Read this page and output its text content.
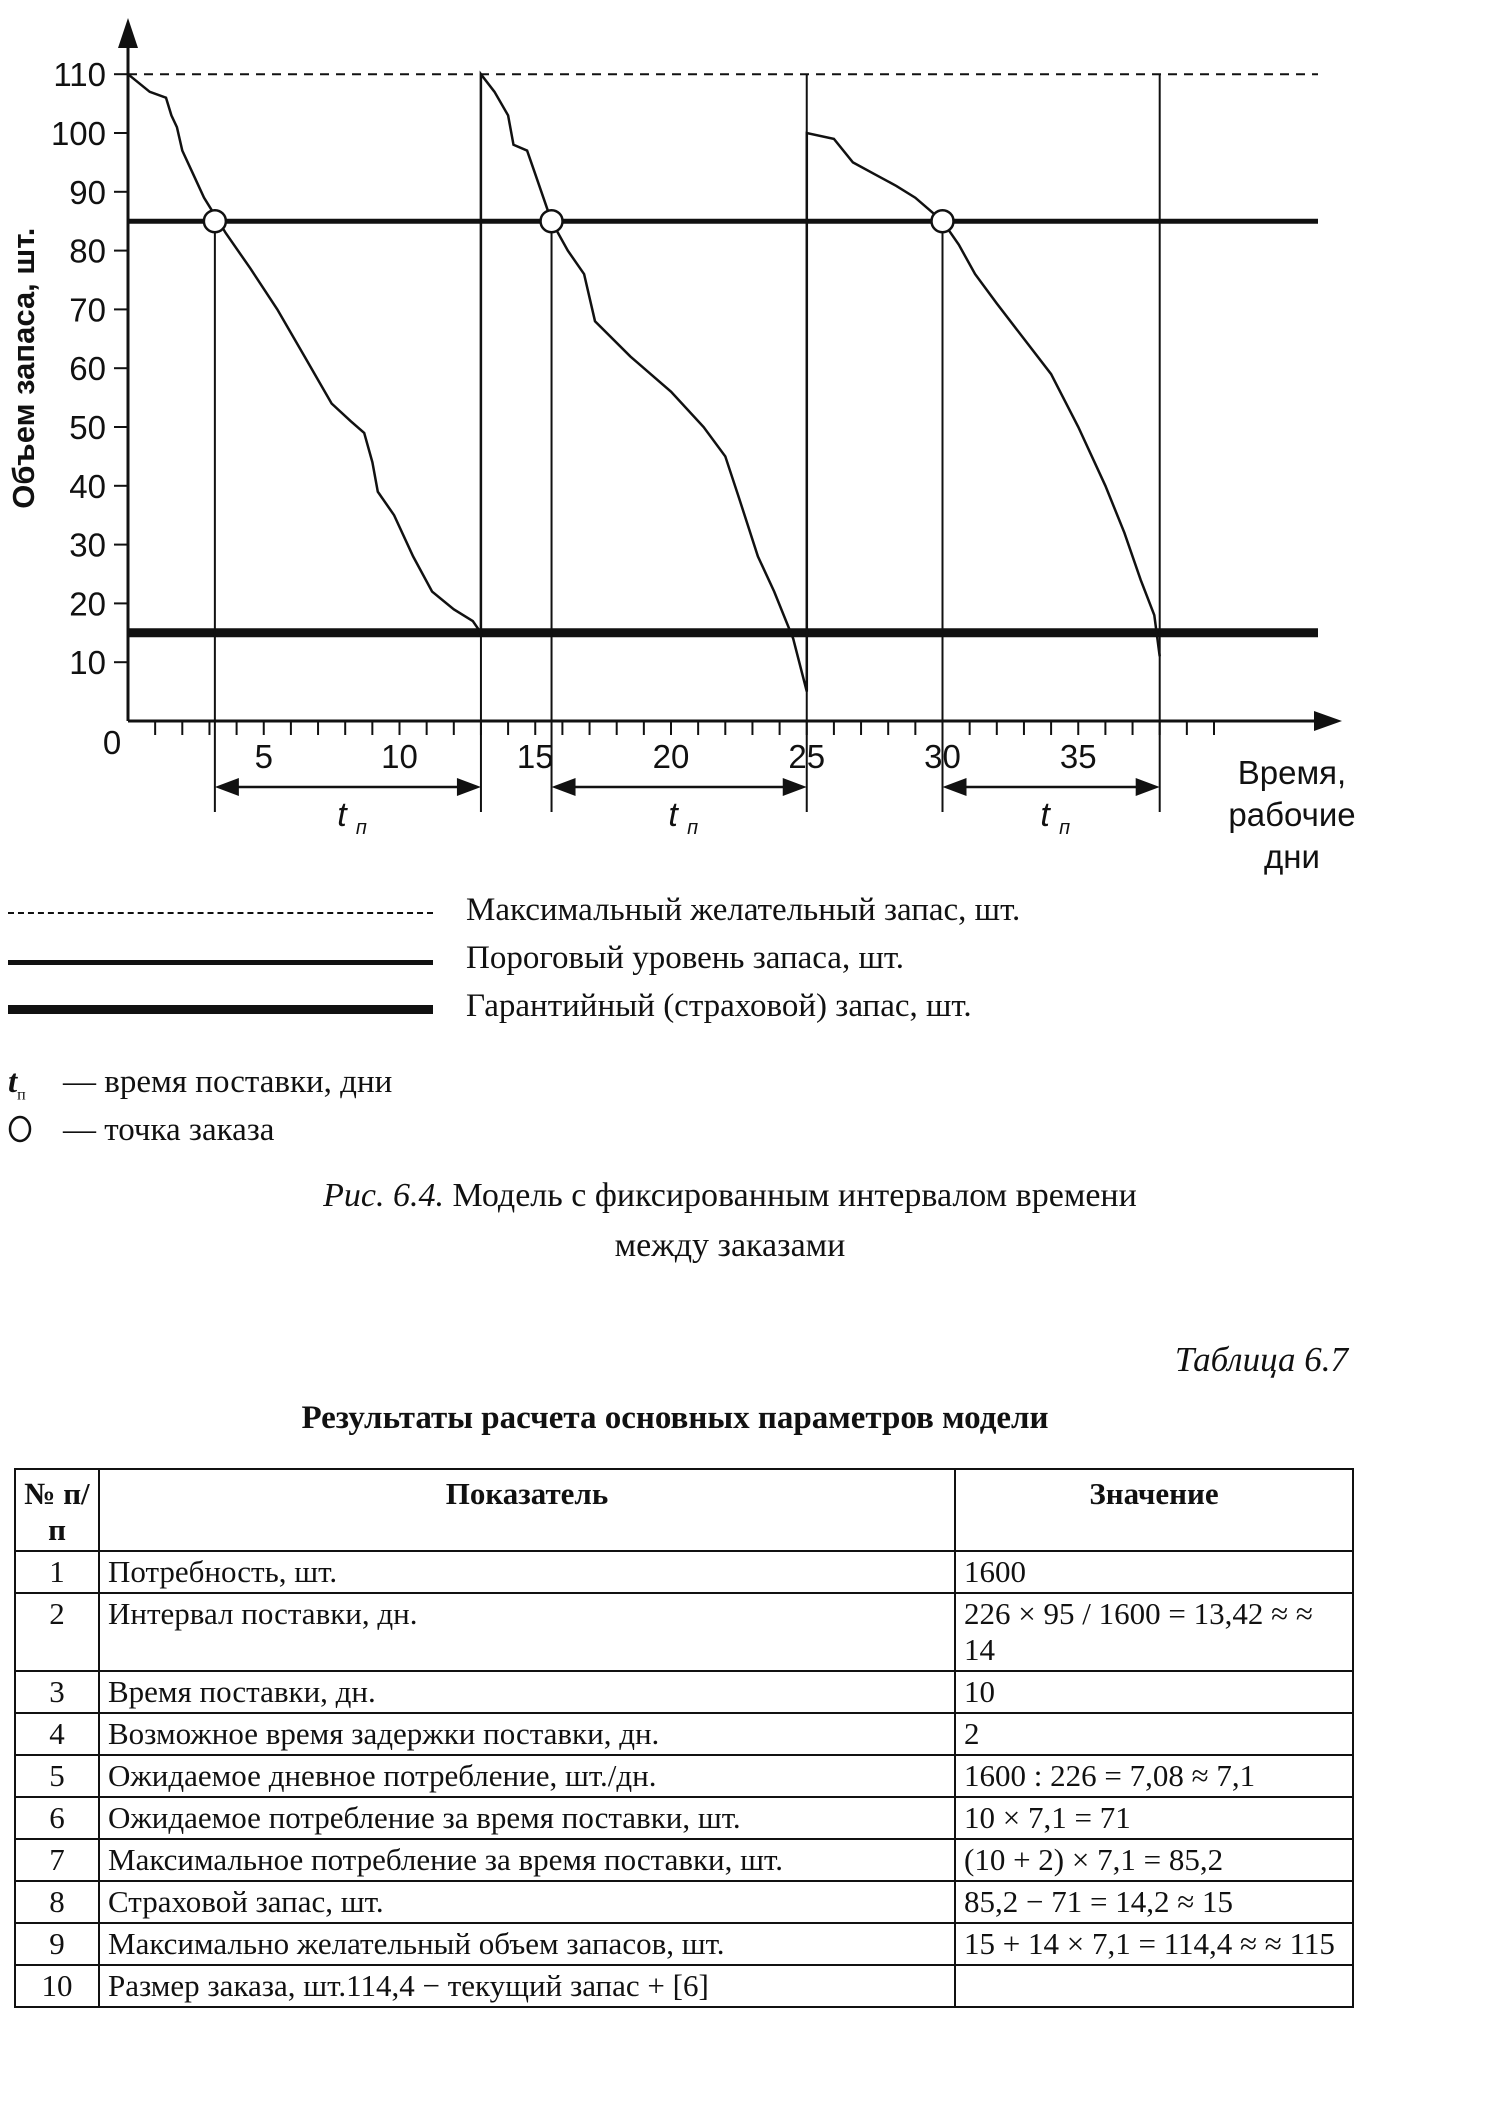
10
20
30
40
50
60
70
80
90
100
110
0	5	10	15	20	25	30	35
Объем запаса, шт.
Время,
рабочие
дни
t п	t п	t п
Максимальный желательный запас, шт.
Пороговый уровень запаса, шт.
Гарантийный (страховой) запас, шт.
$t_п$ — время поставки, дни
— точка заказа
Рис. 6.4. Модель с фиксированным интервалом времени
между заказами
Таблица 6.7
Результаты расчета основных параметров модели
№ п/п	Показатель	Значение
1	Потребность, шт.	1600
2	Интервал поставки, дн.	226 × 95 / 1600 = 13,42 ≈ ≈ 14
3	Время поставки, дн.	10
4	Возможное время задержки поставки, дн.	2
5	Ожидаемое дневное потребление, шт./дн.	1600 : 226 = 7,08 ≈ 7,1
6	Ожидаемое потребление за время поставки, шт.	10 × 7,1 = 71
7	Максимальное потребление за время поставки, шт.	(10 + 2) × 7,1 = 85,2
8	Страховой запас, шт.	85,2 − 71 = 14,2 ≈ 15
9	Максимально желательный объем запасов, шт.	15 + 14 × 7,1 = 114,4 ≈ ≈ 115
10	Размер заказа, шт.114,4 − текущий запас + [6]	
